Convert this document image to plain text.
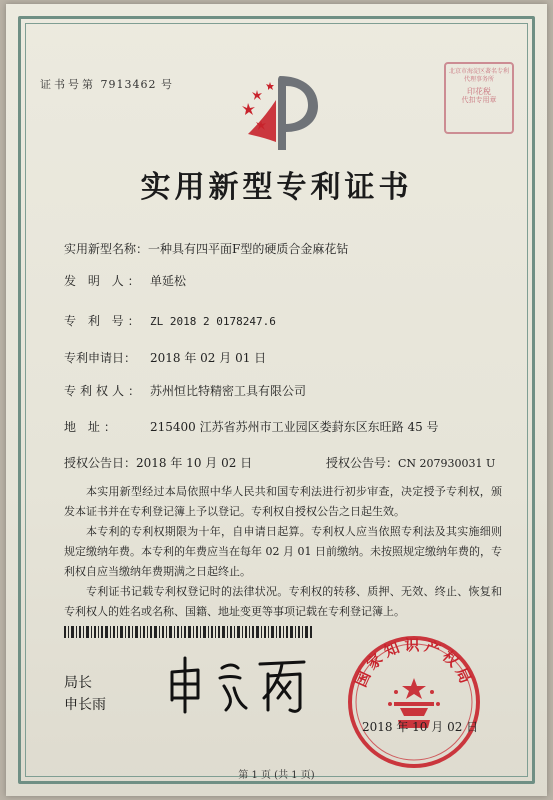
证书号第 7913462 号
北京市海淀区著名专利
代理事务所
印花税
代扣专用章
实用新型专利证书
实用新型名称：一种具有四平面F型的硬质合金麻花钻
发 明 人： 单延松
专 利 号： ZL 2018 2 0178247.6
专利申请日： 2018 年 02 月 01 日
专利权人： 苏州恒比特精密工具有限公司
地 址：	215400 江苏省苏州市工业园区娄葑东区东旺路 45 号
授权公告日：2018 年 10 月 02 日	授权公告号：CN 207930031 U

本实用新型经过本局依照中华人民共和国专利法进行初步审查，决定授予专利权，颁发本证书并在专利登记簿上予以登记。专利权自授权公告之日起生效。

本专利的专利权期限为十年，自申请日起算。专利权人应当依照专利法及其实施细则规定缴纳年费。本专利的年费应当在每年 02 月 01 日前缴纳。未按照规定缴纳年费的，专利权自应当缴纳年费期满之日起终止。

专利证书记载专利权登记时的法律状况。专利权的转移、质押、无效、终止、恢复和专利权人的姓名或名称、国籍、地址变更等事项记载在专利登记簿上。

局长
申长雨
国家知识产权局
2018 年 10 月 02 日
第 1 页 (共 1 页)
